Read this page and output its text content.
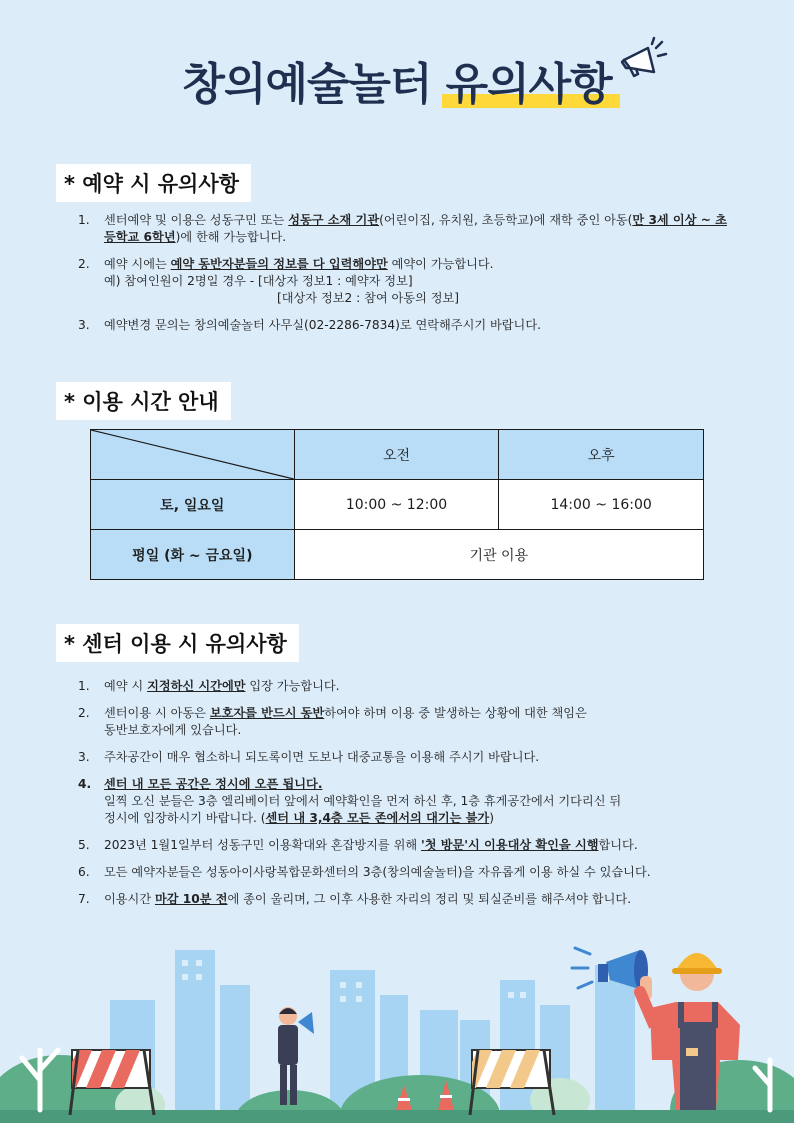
창의예술놀터 유의사항
* 예약 시 유의사항
1. 센터예약 및 이용은 성동구민 또는 성동구 소재 기관(어린이집, 유치원, 초등학교)에 재학 중인 아동(만 3세 이상 ~ 초등학교 6학년)에 한해 가능합니다.
2. 예약 시에는 예약 동반자분들의 정보를 다 입력해야만 예약이 가능합니다.
예) 참여인원이 2명일 경우 - [대상자 정보1 : 예약자 정보]
[대상자 정보2 : 참여 아동의 정보]
3. 예약변경 문의는 창의예술놀터 사무실(02-2286-7834)로 연락해주시기 바랍니다.
* 이용 시간 안내
	오전	오후
토, 일요일	10:00 ~ 12:00	14:00 ~ 16:00
평일 (화 ~ 금요일)	기관 이용	
* 센터 이용 시 유의사항
1. 예약 시 지정하신 시간에만 입장 가능합니다.
2. 센터이용 시 아동은 보호자를 반드시 동반하여야 하며 이용 중 발생하는 상황에 대한 책임은
동반보호자에게 있습니다.
3. 주차공간이 매우 협소하니 되도록이면 도보나 대중교통을 이용해 주시기 바랍니다.
4. 센터 내 모든 공간은 정시에 오픈 됩니다.
일찍 오신 분들은 3층 엘리베이터 앞에서 예약확인을 먼저 하신 후, 1층 휴게공간에서 기다리신 뒤
정시에 입장하시기 바랍니다. (센터 내 3,4층 모든 존에서의 대기는 불가)
5. 2023년 1월1일부터 성동구민 이용확대와 혼잡방지를 위해 '첫 방문'시 이용대상 확인을 시행합니다.
6. 모든 예약자분들은 성동아이사랑복합문화센터의 3층(창의예술놀터)을 자유롭게 이용 하실 수 있습니다.
7. 이용시간 마감 10분 전에 종이 울리며, 그 이후 사용한 자리의 정리 및 퇴실준비를 해주셔야 합니다.
